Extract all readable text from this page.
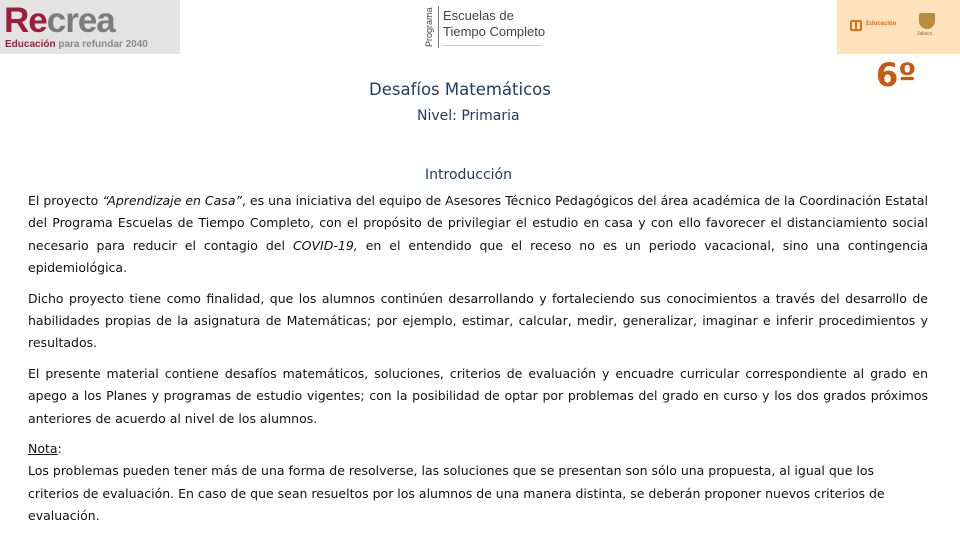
Recrea
Educación para refundar 2040	Programa Escuelas de
Tiempo Completo	Educación
Jalisco
Desafíos Matemáticos	6º
Nivel: Primaria
Introducción

El proyecto “Aprendizaje en Casa”, es una iniciativa del equipo de Asesores Técnico Pedagógicos del área académica de la Coordinación Estatal del Programa Escuelas de Tiempo Completo, con el propósito de privilegiar el estudio en casa y con ello favorecer el distanciamiento social necesario para reducir el contagio del COVID-19, en el entendido que el receso no es un periodo vacacional, sino una contingencia epidemiológica.

Dicho proyecto tiene como finalidad, que los alumnos continúen desarrollando y fortaleciendo sus conocimientos a través del desarrollo de habilidades propias de la asignatura de Matemáticas; por ejemplo, estimar, calcular, medir, generalizar, imaginar e inferir procedimientos y resultados.

El presente material contiene desafíos matemáticos, soluciones, criterios de evaluación y encuadre curricular correspondiente al grado en apego a los Planes y programas de estudio vigentes; con la posibilidad de optar por problemas del grado en curso y los dos grados próximos anteriores de acuerdo al nivel de los alumnos.

Nota:

Los problemas pueden tener más de una forma de resolverse, las soluciones que se presentan son sólo una propuesta, al igual que los criterios de evaluación. En caso de que sean resueltos por los alumnos de una manera distinta, se deberán proponer nuevos criterios de evaluación.
